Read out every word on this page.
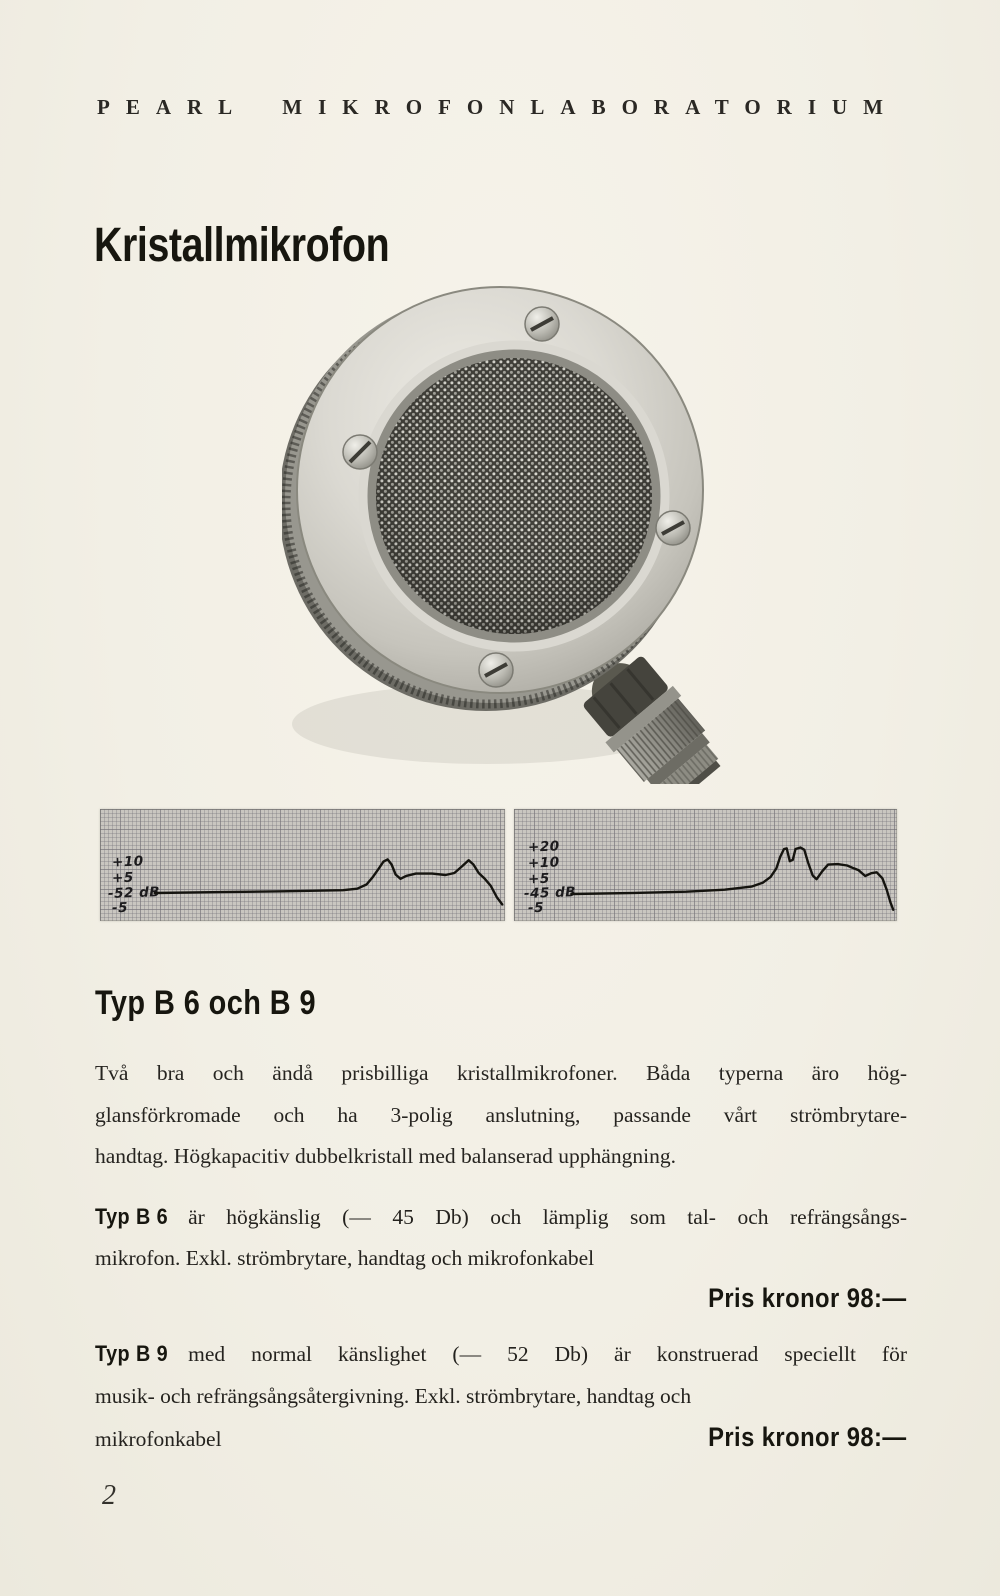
PEARL MIKROFONLABORATORIUM
Kristallmikrofon
+10
+5
-52 dB
-5
+20
+10
+5
-45 dB
-5
Typ B 6 och B 9
Två bra och ändå prisbilliga kristallmikrofoner. Båda typerna äro hög-
glansförkromade och ha 3-polig anslutning, passande vårt strömbrytare-
handtag. Högkapacitiv dubbelkristall med balanserad upphängning.
Typ B 6 är högkänslig (— 45 Db) och lämplig som tal- och refrängsångs-
mikrofon. Exkl. strömbrytare, handtag och mikrofonkabel
Pris kronor 98:—
Typ B 9 med normal känslighet (— 52 Db) är konstruerad speciellt för
musik- och refrängsångsåtergivning. Exkl. strömbrytare, handtag och
mikrofonkabel	Pris kronor 98:—
2
